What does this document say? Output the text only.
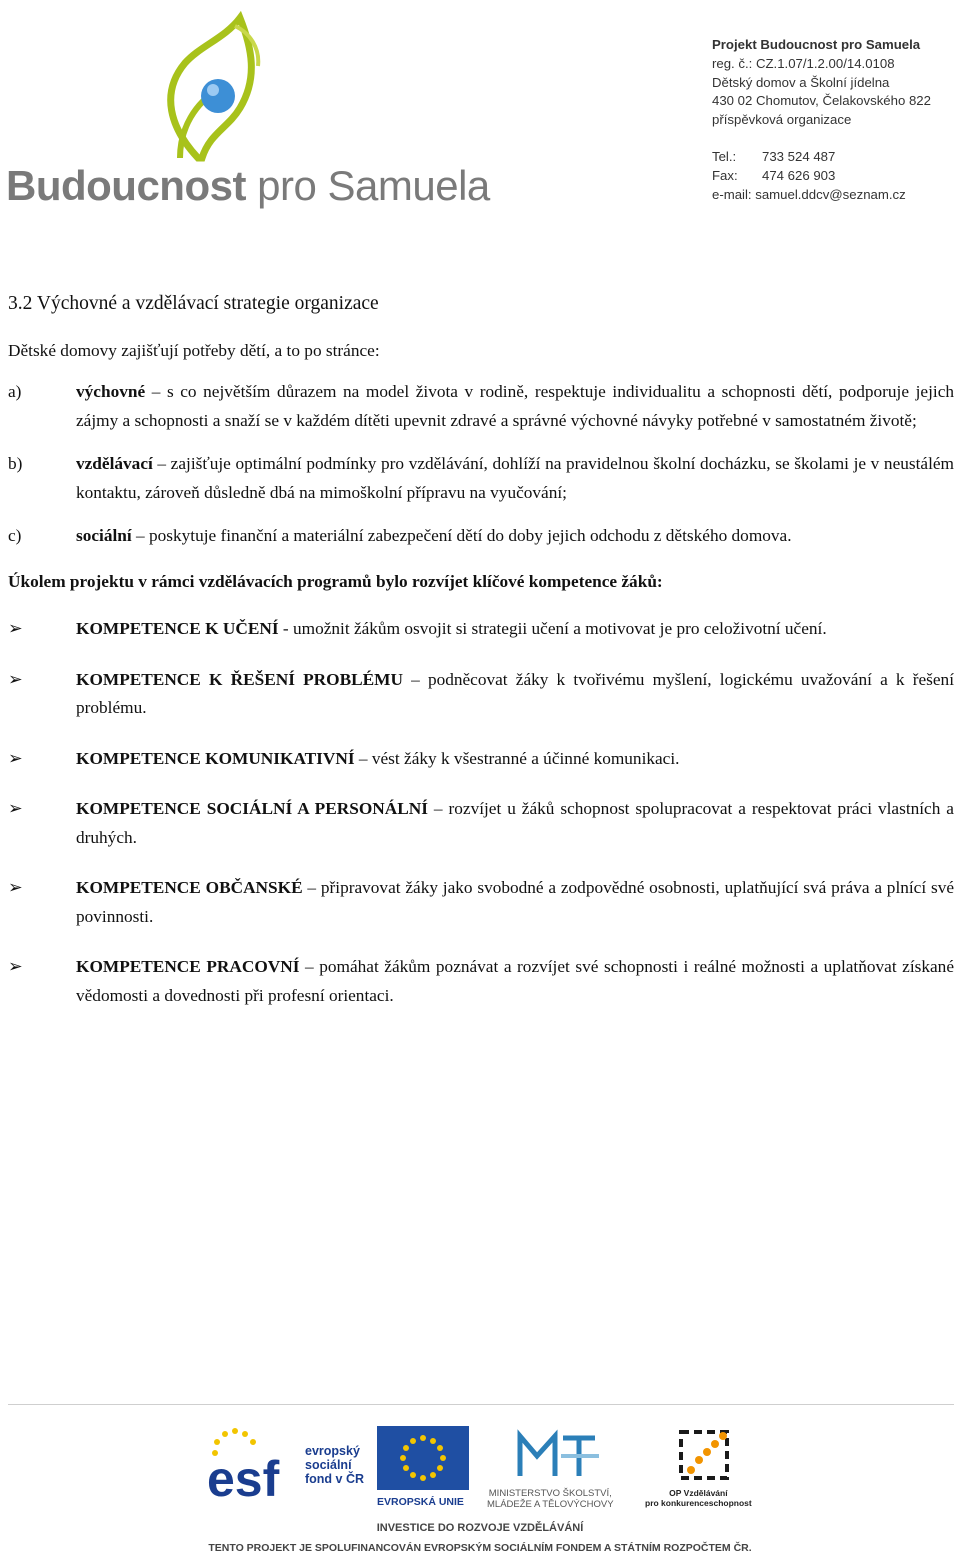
Budoucnost pro Samuela
Projekt Budoucnost pro Samuela
reg. č.: CZ.1.07/1.2.00/14.0108
Dětský domov a Školní jídelna
430 02 Chomutov, Čelakovského 822
příspěvková organizace
Tel.:	733 524 487
Fax:	474 626 903
e-mail:
samuel.ddcv@seznam.cz
3.2 Výchovné a vzdělávací strategie organizace
Dětské domovy zajišťují potřeby dětí, a to po stránce:
a)	výchovné – s co největším důrazem na model života v rodině, respektuje individualitu a schopnosti dětí, podporuje jejich zájmy a schopnosti a snaží se v každém dítěti upevnit zdravé a správné výchovné návyky potřebné v samostatném životě;
b)	vzdělávací – zajišťuje optimální podmínky pro vzdělávání, dohlíží na pravidelnou školní docházku, se školami je v neustálém kontaktu, zároveň důsledně dbá na mimoškolní přípravu na vyučování;
c)	sociální – poskytuje finanční a materiální zabezpečení dětí do doby jejich odchodu z dětského domova.
Úkolem projektu v rámci vzdělávacích programů bylo rozvíjet klíčové kompetence žáků:
➢	KOMPETENCE K UČENÍ - umožnit žákům osvojit si strategii učení a motivovat je pro celoživotní učení.
➢	KOMPETENCE K ŘEŠENÍ PROBLÉMU – podněcovat žáky k tvořivému myšlení, logickému uvažování a k řešení problému.
➢	KOMPETENCE KOMUNIKATIVNÍ – vést žáky k všestranné a účinné komunikaci.
➢	KOMPETENCE SOCIÁLNÍ A PERSONÁLNÍ – rozvíjet u žáků schopnost spolupracovat a respektovat práci vlastních a druhých.
➢	KOMPETENCE OBČANSKÉ – připravovat žáky jako svobodné a zodpovědné osobnosti, uplatňující svá práva a plnící své povinnosti.
➢	KOMPETENCE PRACOVNÍ – pomáhat žákům poznávat a rozvíjet své schopnosti i reálné možnosti a uplatňovat získané vědomosti a dovednosti při profesní orientaci.
esf evropský
sociální
fond v ČR
EVROPSKÁ UNIE
MINISTERSTVO ŠKOLSTVÍ,
MLÁDEŽE A TĚLOVÝCHOVY
OP Vzdělávání
pro konkurenceschopnost
INVESTICE DO ROZVOJE VZDĚLÁVÁNÍ
TENTO PROJEKT JE SPOLUFINANCOVÁN EVROPSKÝM SOCIÁLNÍM FONDEM A STÁTNÍM ROZPOČTEM ČR.
